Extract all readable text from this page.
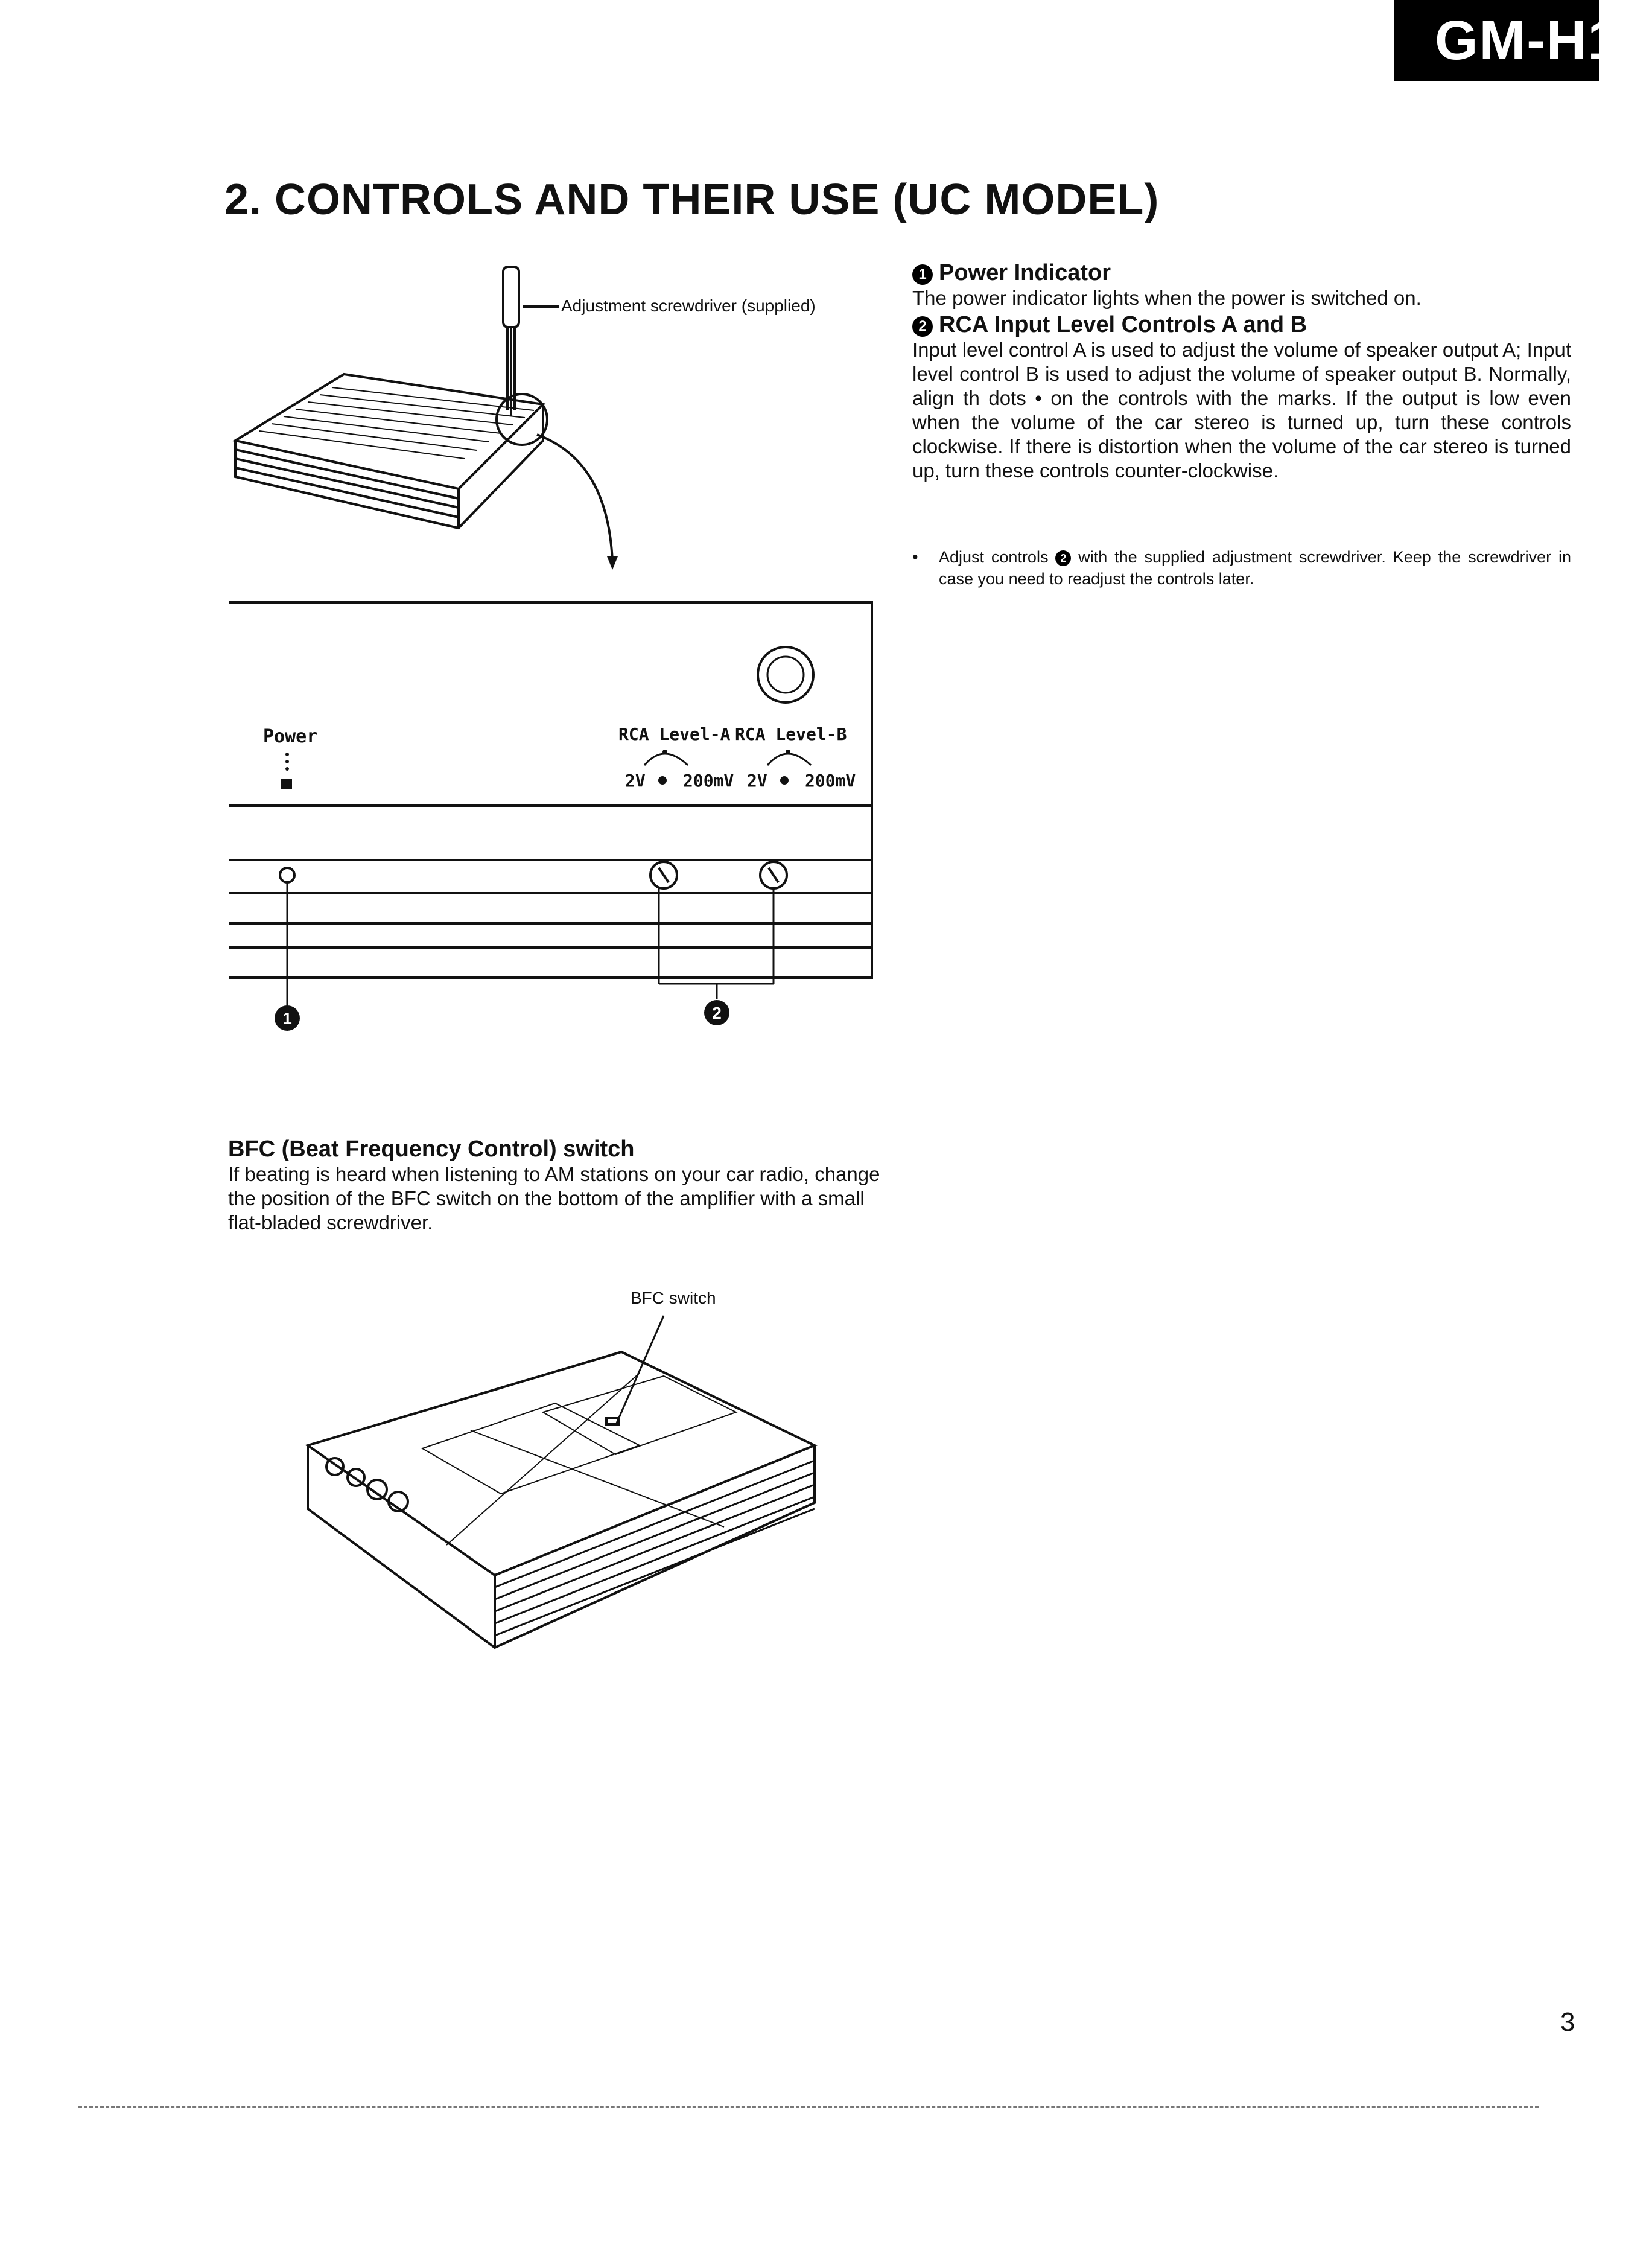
GM-H12
2. CONTROLS AND THEIR USE (UC MODEL)
Adjustment screwdriver (supplied)
Power	RCA Level-A
2V 200mV
RCA Level-B
2V 200mV
1	2

1 Power Indicator

The power indicator lights when the power is switched on.

2 RCA Input Level Controls A and B

Input level control A is used to adjust the volume of speaker output A; Input level control B is used to adjust the volume of speaker output B. Normally, align th dots • on the controls with the marks. If the output is low even when the volume of the car stereo is turned up, turn these controls clockwise. If there is distortion when the volume of the car stereo is turned up, turn these controls counter-clockwise.

•	Adjust controls 2 with the supplied adjustment screwdriver. Keep the screwdriver in case you need to readjust the controls later.

BFC (Beat Frequency Control) switch

If beating is heard when listening to AM stations on your car radio, change the position of the BFC switch on the bottom of the amplifier with a small flat-bladed screwdriver.

BFC switch
3
